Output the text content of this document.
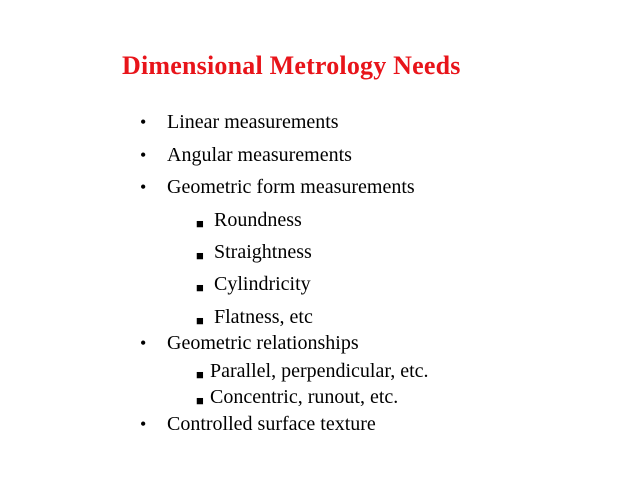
Dimensional Metrology Needs
• Linear measurements
• Angular measurements
• Geometric form measurements
■ Roundness
■ Straightness
■ Cylindricity
■ Flatness, etc
• Geometric relationships
■ Parallel, perpendicular, etc.
■ Concentric, runout, etc.
• Controlled surface texture
